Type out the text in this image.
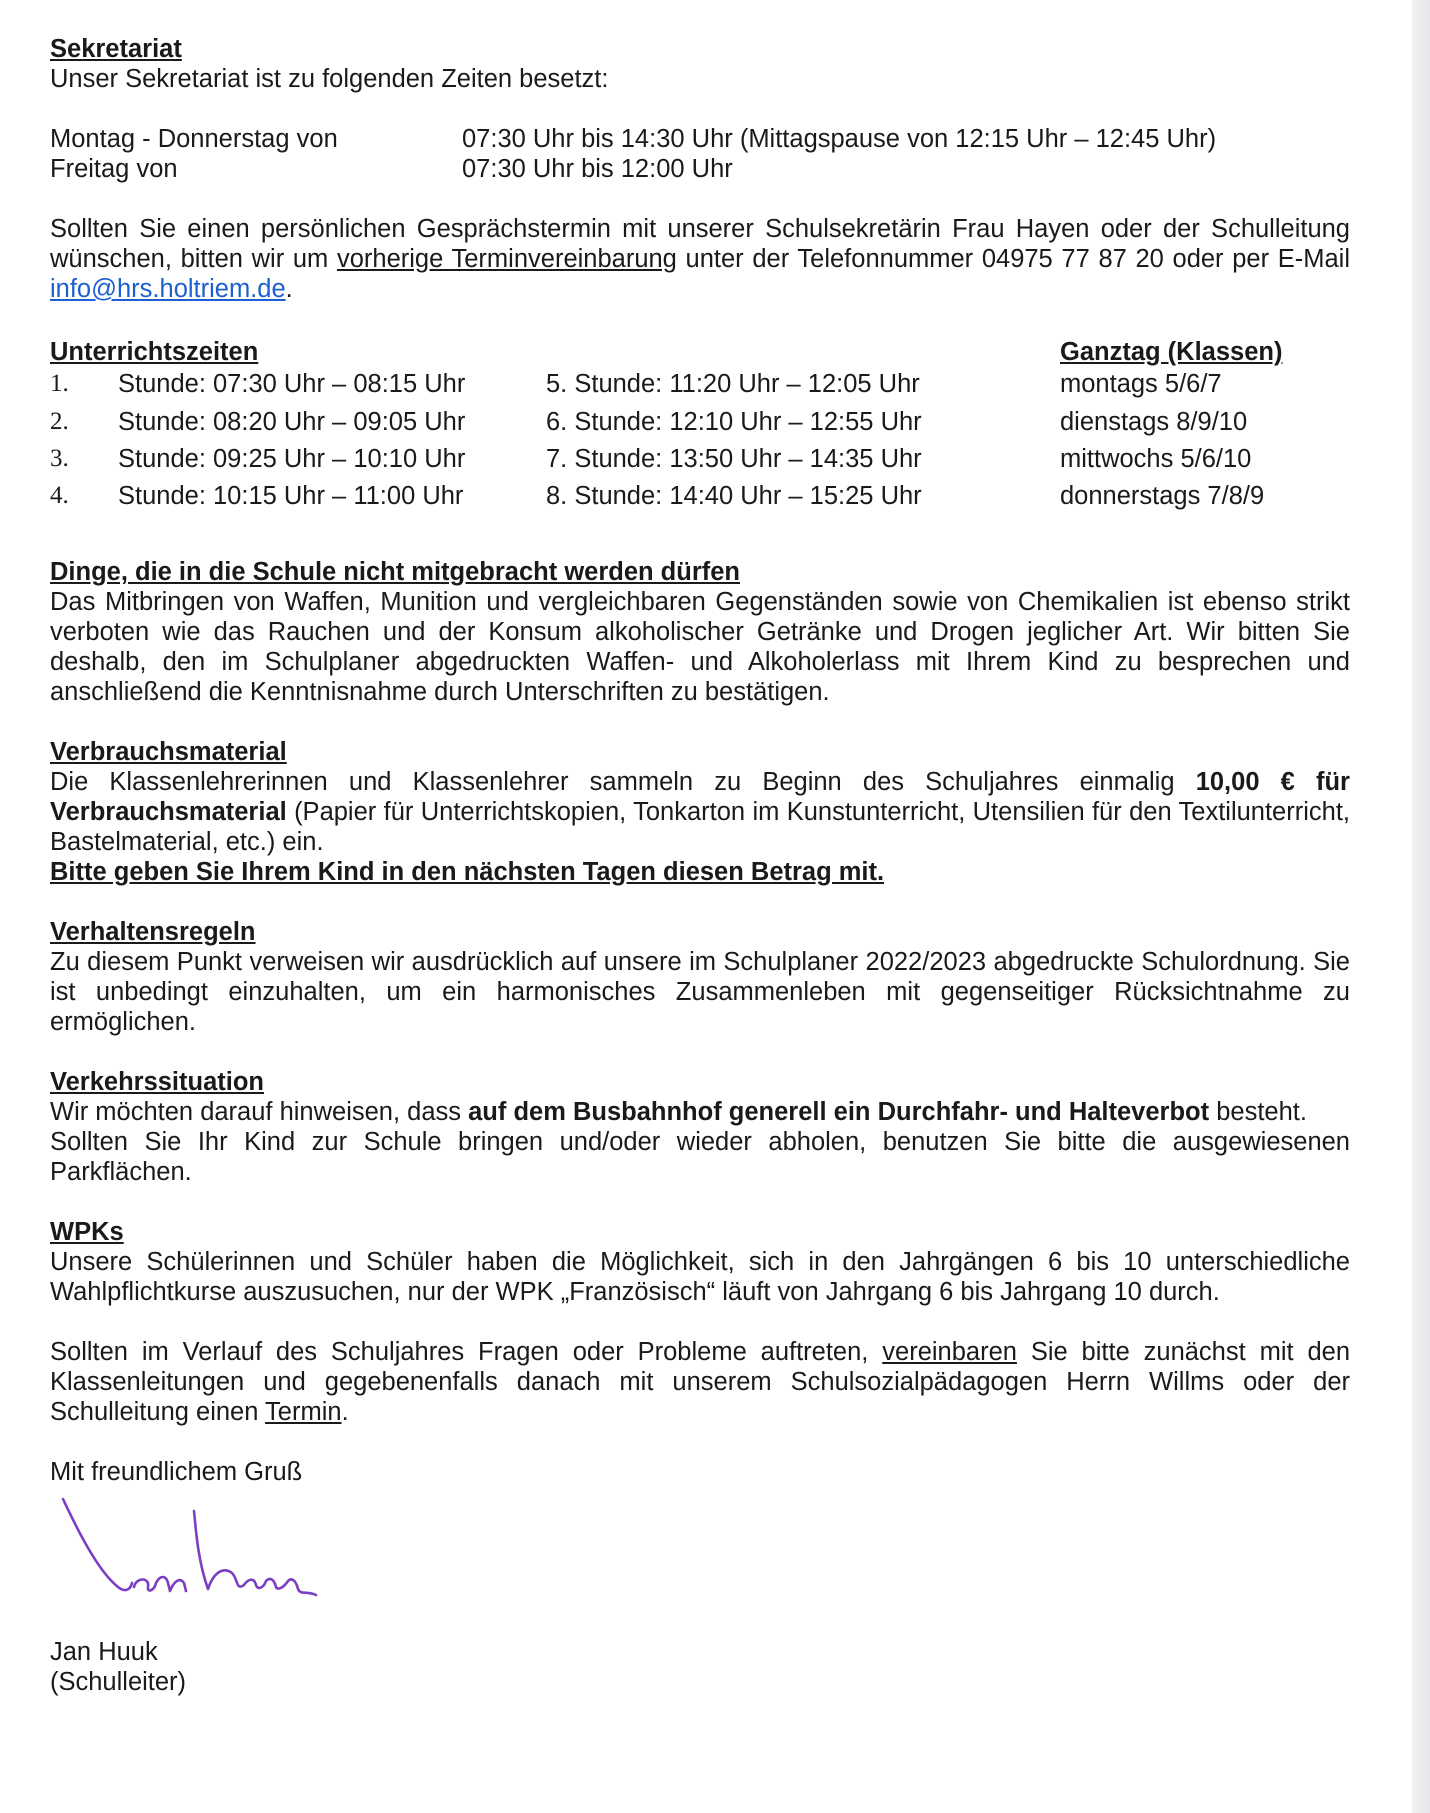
Sekretariat
Unser Sekretariat ist zu folgenden Zeiten besetzt:
Montag - Donnerstag von	07:30 Uhr bis 14:30 Uhr (Mittagspause von 12:15 Uhr – 12:45 Uhr)
Freitag von	07:30 Uhr bis 12:00 Uhr

Sollten Sie einen persönlichen Gesprächstermin mit unserer Schulsekretärin Frau Hayen oder der Schulleitung wünschen, bitten wir um vorherige Terminvereinbarung unter der Telefonnummer 04975 77 87 20 oder per E-Mail info@hrs.holtriem.de.

Unterrichtszeiten	Ganztag (Klassen)
1. Stunde: 07:30 Uhr – 08:15 Uhr	5. Stunde: 11:20 Uhr – 12:05 Uhr	montags 5/6/7
2. Stunde: 08:20 Uhr – 09:05 Uhr	6. Stunde: 12:10 Uhr – 12:55 Uhr	dienstags 8/9/10
3. Stunde: 09:25 Uhr – 10:10 Uhr	7. Stunde: 13:50 Uhr – 14:35 Uhr	mittwochs 5/6/10
4. Stunde: 10:15 Uhr – 11:00 Uhr	8. Stunde: 14:40 Uhr – 15:25 Uhr	donnerstags 7/8/9
Dinge, die in die Schule nicht mitgebracht werden dürfen

Das Mitbringen von Waffen, Munition und vergleichbaren Gegenständen sowie von Chemikalien ist ebenso strikt verboten wie das Rauchen und der Konsum alkoholischer Getränke und Drogen jeglicher Art. Wir bitten Sie deshalb, den im Schulplaner abgedruckten Waffen- und Alkoholerlass mit Ihrem Kind zu besprechen und anschließend die Kenntnisnahme durch Unterschriften zu bestätigen.

Verbrauchsmaterial

Die Klassenlehrerinnen und Klassenlehrer sammeln zu Beginn des Schuljahres einmalig 10,00 € für Verbrauchsmaterial (Papier für Unterrichtskopien, Tonkarton im Kunstunterricht, Utensilien für den Textilunterricht, Bastelmaterial, etc.) ein.

Bitte geben Sie Ihrem Kind in den nächsten Tagen diesen Betrag mit.
Verhaltensregeln

Zu diesem Punkt verweisen wir ausdrücklich auf unsere im Schulplaner 2022/2023 abgedruckte Schulordnung. Sie ist unbedingt einzuhalten, um ein harmonisches Zusammenleben mit gegenseitiger Rücksichtnahme zu ermöglichen.

Verkehrssituation

Wir möchten darauf hinweisen, dass auf dem Busbahnhof generell ein Durchfahr- und Halteverbot besteht.

Sollten Sie Ihr Kind zur Schule bringen und/oder wieder abholen, benutzen Sie bitte die ausgewiesenen Parkflächen.

WPKs

Unsere Schülerinnen und Schüler haben die Möglichkeit, sich in den Jahrgängen 6 bis 10 unterschiedliche Wahlpflichtkurse auszusuchen, nur der WPK „Französisch“ läuft von Jahrgang 6 bis Jahrgang 10 durch.

Sollten im Verlauf des Schuljahres Fragen oder Probleme auftreten, vereinbaren Sie bitte zunächst mit den Klassenleitungen und gegebenenfalls danach mit unserem Schulsozialpädagogen Herrn Willms oder der Schulleitung einen Termin.

Mit freundlichem Gruß
Jan Huuk
(Schulleiter)
